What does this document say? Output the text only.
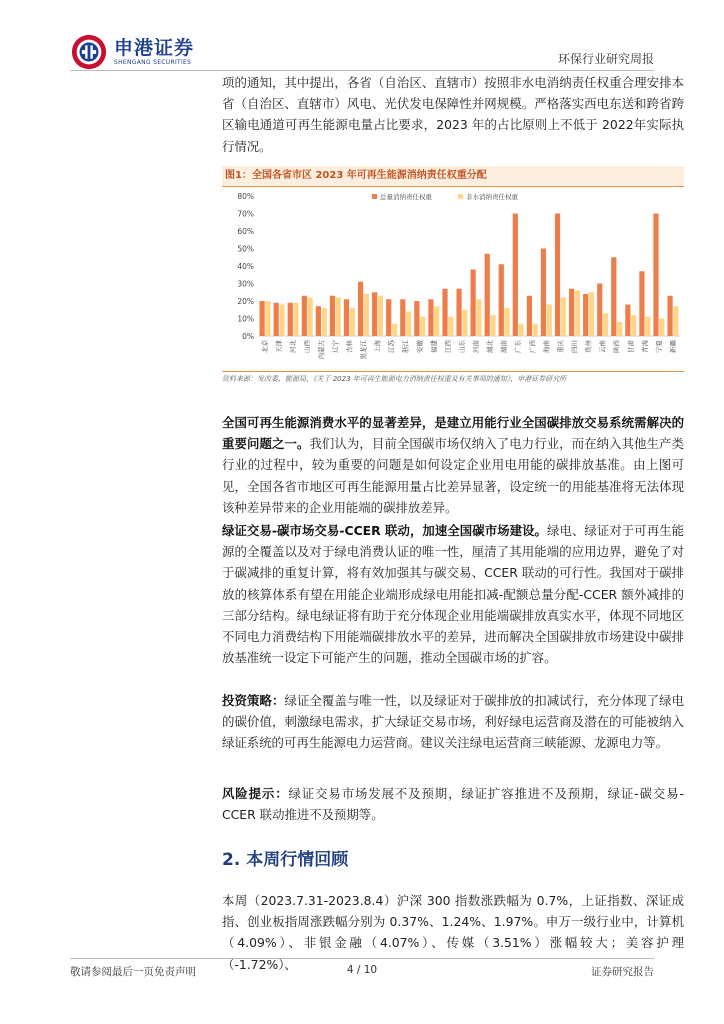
申港证券
SHENGANG SECURITIES	环保行业研究周报

项的通知，其中提出，各省（自治区、直辖市）按照非水电消纳责任权重合理安排本省（自治区、直辖市）风电、光伏发电保障性并网规模。严格落实西电东送和跨省跨区输电通道可再生能源电量占比要求，2023 年的占比原则上不低于 2022年实际执行情况。

图1：全国各省市区 2023 年可再生能源消纳责任权重分配
0%
10%
20%
30%
40%
50%
60%
70%
80%
北京 天津 河北 山西 内蒙古 辽宁 吉林 黑龙江 上海 江苏 浙江 安徽 福建 江西 山东 河南 湖北 湖南 广东 广西 海南 重庆 四川 贵州 云南 陕西 甘肃 青海 宁夏 新疆
总量消纳责任权重	非水消纳责任权重
资料来源：发改委，能源局，《关于 2023 年可再生能源电力消纳责任权重及有关事项的通知》，申港证券研究所

全国可再生能源消费水平的显著差异，是建立用能行业全国碳排放交易系统需解决的重要问题之一。我们认为，目前全国碳市场仅纳入了电力行业，而在纳入其他生产类行业的过程中，较为重要的问题是如何设定企业用电用能的碳排放基准。由上图可见，全国各省市地区可再生能源用量占比差异显著，设定统一的用能基准将无法体现该种差异带来的企业用能端的碳排放差异。

绿证交易-碳市场交易-CCER 联动，加速全国碳市场建设。绿电、绿证对于可再生能源的全覆盖以及对于绿电消费认证的唯一性，厘清了其用能端的应用边界，避免了对于碳减排的重复计算，将有效加强其与碳交易、CCER 联动的可行性。我国对于碳排放的核算体系有望在用能企业端形成绿电用能扣减-配额总量分配-CCER 额外减排的三部分结构。绿电绿证将有助于充分体现企业用能端碳排放真实水平，体现不同地区不同电力消费结构下用能端碳排放水平的差异，进而解决全国碳排放市场建设中碳排放基准统一设定下可能产生的问题，推动全国碳市场的扩容。

投资策略：绿证全覆盖与唯一性，以及绿证对于碳排放的扣减试行，充分体现了绿电的碳价值，刺激绿电需求，扩大绿证交易市场，利好绿电运营商及潜在的可能被纳入绿证系统的可再生能源电力运营商。建议关注绿电运营商三峡能源、龙源电力等。

风险提示：绿证交易市场发展不及预期，绿证扩容推进不及预期，绿证-碳交易-CCER 联动推进不及预期等。

2. 本周行情回顾

本周（2023.7.31-2023.8.4）沪深 300 指数涨跌幅为 0.7%，上证指数、深证成指、创业板指周涨跌幅分别为 0.37%、1.24%、1.97%。申万一级行业中，计算机（4.09%）、非银金融（4.07%）、传媒（3.51%）涨幅较大；美容护理（-1.72%）、

敬请参阅最后一页免责声明	4 / 10	证券研究报告
